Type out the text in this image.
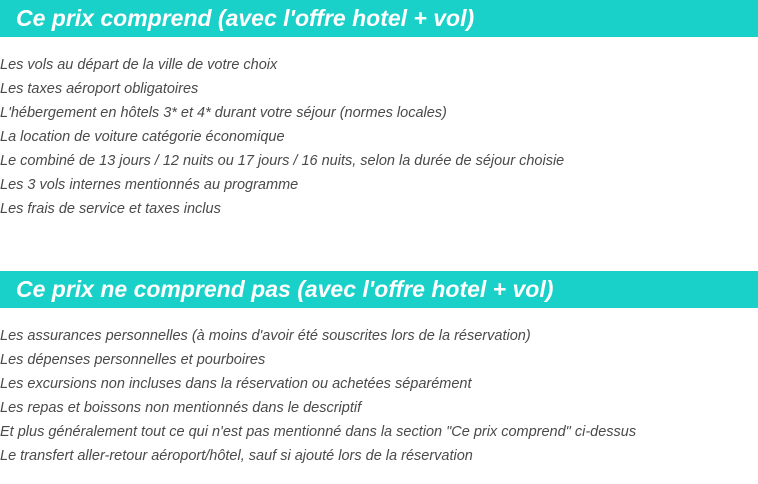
Ce prix comprend (avec l'offre hotel + vol)
Les vols au départ de la ville de votre choix
Les taxes aéroport obligatoires
L'hébergement en hôtels 3* et 4* durant votre séjour (normes locales)
La location de voiture catégorie économique
Le combiné de 13 jours / 12 nuits ou 17 jours / 16 nuits, selon la durée de séjour choisie
Les 3 vols internes mentionnés au programme
Les frais de service et taxes inclus
Ce prix ne comprend pas (avec l'offre hotel + vol)
Les assurances personnelles (à moins d'avoir été souscrites lors de la réservation)
Les dépenses personnelles et pourboires
Les excursions non incluses dans la réservation ou achetées séparément
Les repas et boissons non mentionnés dans le descriptif
Et plus généralement tout ce qui n'est pas mentionné dans la section "Ce prix comprend" ci-dessus
Le transfert aller-retour aéroport/hôtel, sauf si ajouté lors de la réservation
